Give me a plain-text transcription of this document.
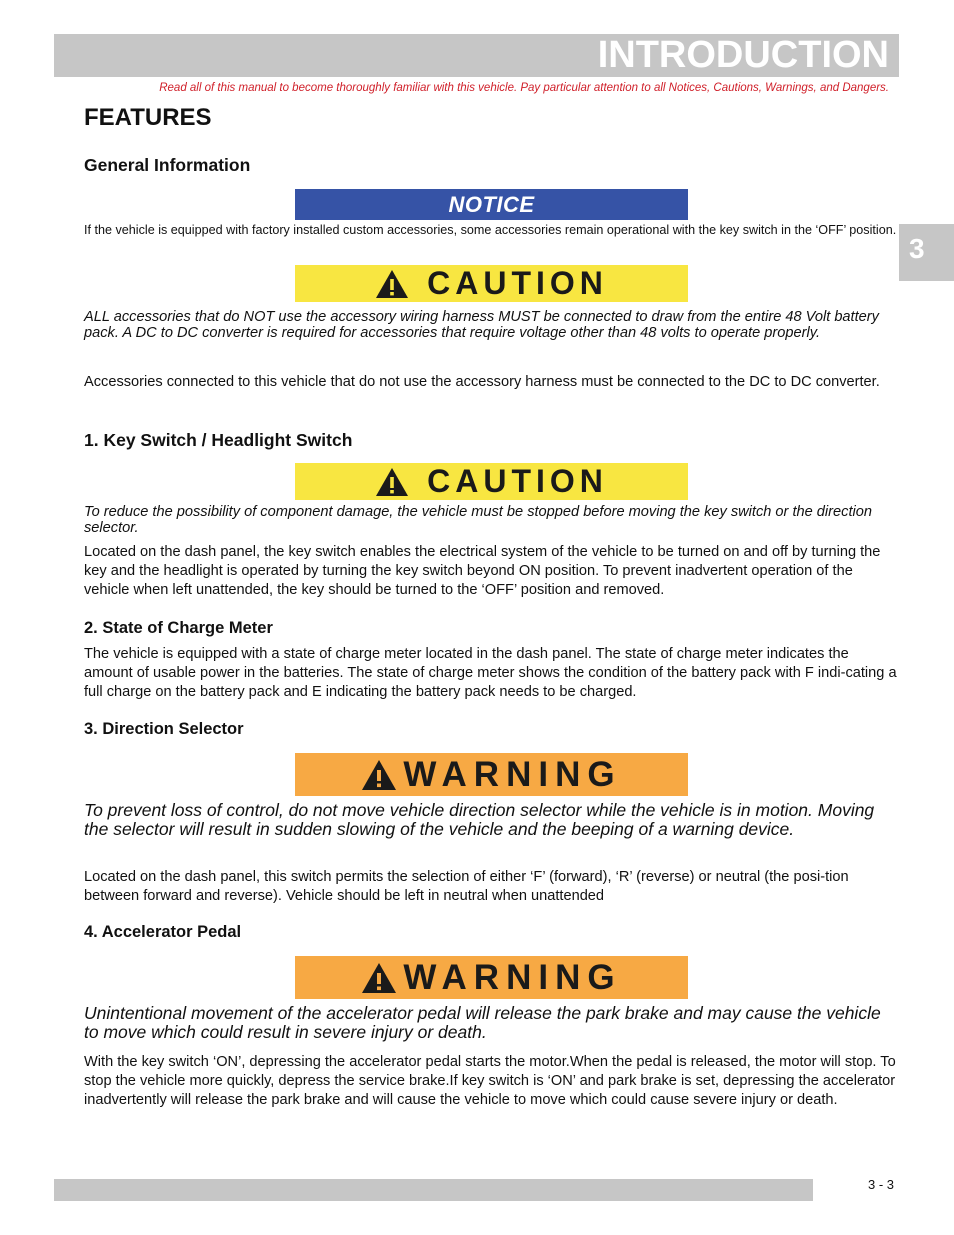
INTRODUCTION
Read all of this manual to become thoroughly familiar with this vehicle. Pay particular attention to all Notices, Cautions, Warnings, and Dangers.
3
FEATURES
General Information
NOTICE
If the vehicle is equipped with factory installed custom accessories, some accessories remain operational with the key switch in the ‘OFF’ position.
CAUTION
ALL accessories that do NOT use the accessory wiring harness MUST be connected to draw from the entire 48 Volt battery pack. A DC to DC converter is required for accessories that require voltage other than 48 volts to operate properly.
Accessories connected to this vehicle that do not use the accessory harness must be connected to the DC to DC converter.
1. Key Switch / Headlight Switch
CAUTION
To reduce the possibility of component damage, the vehicle must be stopped before moving the key switch or the direction selector.
Located on the dash panel, the key switch enables the electrical system of the vehicle to be turned on and off by turning the key and the headlight is operated by turning the key switch beyond ON position. To prevent inadvertent operation of the vehicle when left unattended, the key should be turned to the ‘OFF’ position and removed.
2. State of Charge Meter
The vehicle is equipped with a state of charge meter located in the dash panel. The state of charge meter indicates the amount of usable power in the batteries. The state of charge meter shows the condition of the battery pack with F indi-cating a full charge on the battery pack and E indicating the battery pack needs to be charged.
3. Direction Selector
WARNING
To prevent loss of control, do not move vehicle direction selector while the vehicle is in motion. Moving the selector will result in sudden slowing of the vehicle and the beeping of a warning device.
Located on the dash panel, this switch permits the selection of either ‘F’ (forward), ‘R’ (reverse) or neutral (the posi-tion between forward and reverse). Vehicle should be left in neutral when unattended
4. Accelerator Pedal
WARNING
Unintentional movement of the accelerator pedal will release the park brake and may cause the vehicle to move which could result in severe injury or death.
With the key switch ‘ON’, depressing the accelerator pedal starts the motor.When the pedal is released, the motor will stop. To stop the vehicle more quickly, depress the service brake.If key switch is ‘ON’ and park brake is set, depressing the accelerator inadvertently will release the park brake and will cause the vehicle to move which could cause severe injury or death.
3 - 3
